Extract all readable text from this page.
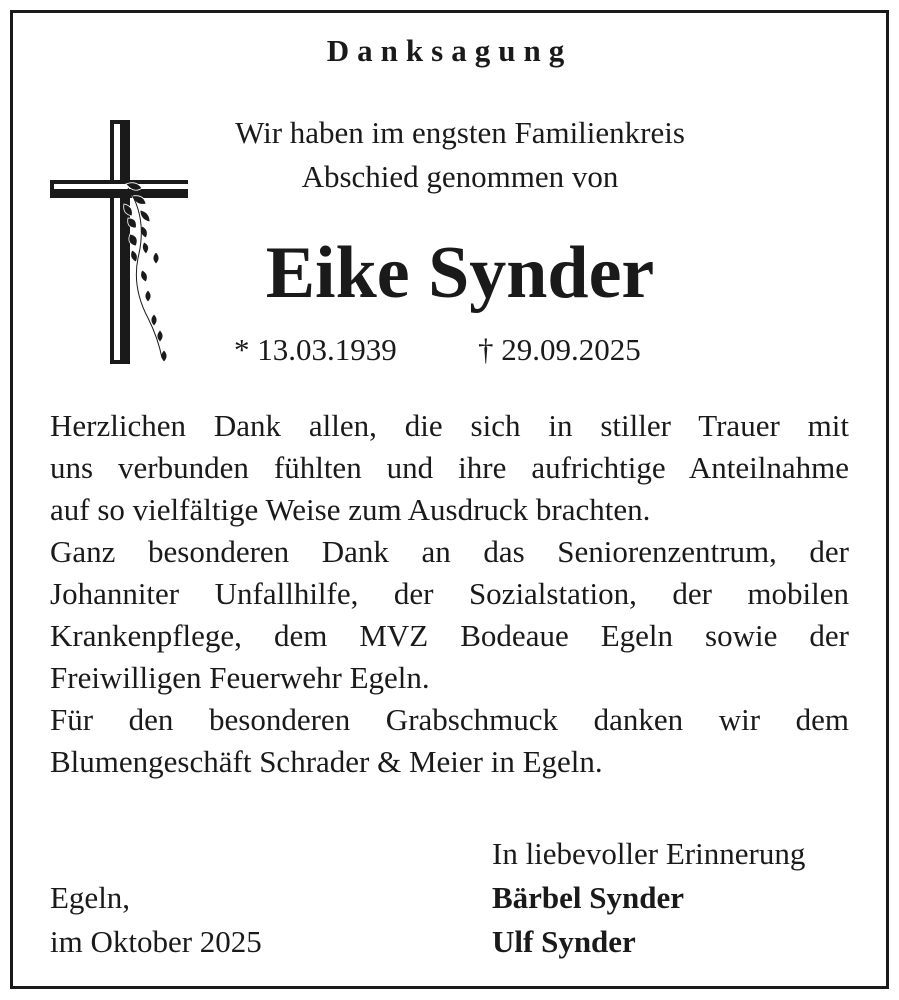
Danksagung
Wir haben im engsten Familienkreis
Abschied genommen von
Eike Synder
* 13.03.1939	† 29.09.2025
Herzlichen Dank allen, die sich in stiller Trauer mit
uns verbunden fühlten und ihre aufrichtige Anteilnahme
auf so vielfältige Weise zum Ausdruck brachten.
Ganz besonderen Dank an das Seniorenzentrum, der
Johanniter Unfallhilfe, der Sozialstation, der mobilen
Krankenpflege, dem MVZ Bodeaue Egeln sowie der
Freiwilligen Feuerwehr Egeln.
Für den besonderen Grabschmuck danken wir dem
Blumengeschäft Schrader & Meier in Egeln.
In liebevoller Erinnerung
Bärbel Synder
Ulf Synder
Egeln,
im Oktober 2025
